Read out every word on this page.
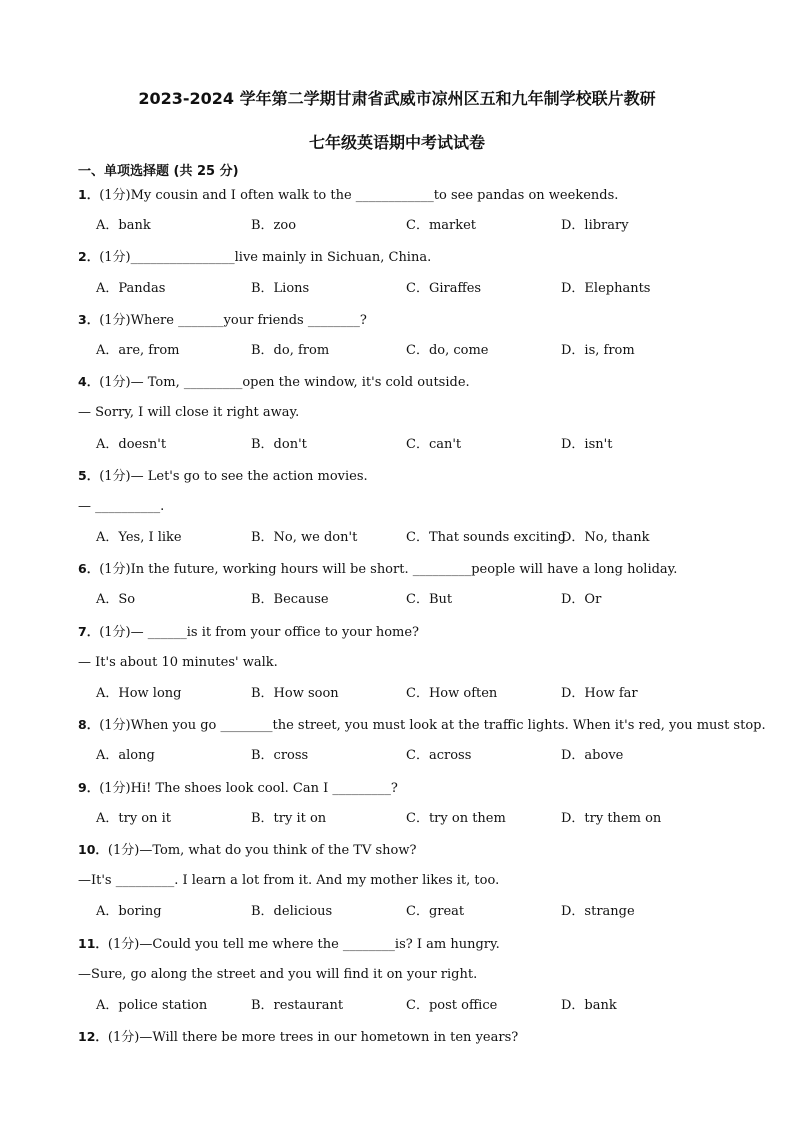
2023-2024 学年第二学期甘肃省武威市凉州区五和九年制学校联片教研
七年级英语期中考试试卷
一、单项选择题 (共 25 分)
1．(1分)My cousin and I often walk to the ____________to see pandas on weekends.
A．bank	B．zoo	C．market	D．library
2．(1分)________________live mainly in Sichuan, China.
A．Pandas	B．Lions	C．Giraffes	D．Elephants
3．(1分)Where _______your friends ________?
A．are, from	B．do, from	C．do, come	D．is, from
4．(1分)— Tom, _________open the window, it's cold outside.
— Sorry, I will close it right away.
A．doesn't	B．don't	C．can't	D．isn't
5．(1分)— Let's go to see the action movies.
— __________.
A．Yes, I like	B．No, we don't	C．That sounds exciting
D．No, thank
6．(1分)In the future, working hours will be short. _________people will have a long holiday.
A．So	B．Because	C．But	D．Or
7．(1分)— ______is it from your office to your home?
— It's about 10 minutes' walk.
A．How long	B．How soon	C．How often	D．How far
8．(1分)When you go ________the street, you must look at the traffic lights. When it's red, you must stop.
A．along	B．cross	C．across	D．above
9．(1分)Hi! The shoes look cool. Can I _________?
A．try on it	B．try it on	C．try on them	D．try them on
10．(1分)—Tom, what do you think of the TV show?
—It's _________. I learn a lot from it. And my mother likes it, too.
A．boring	B．delicious	C．great	D．strange
11．(1分)—Could you tell me where the ________is? I am hungry.
—Sure, go along the street and you will find it on your right.
A．police station	B．restaurant	C．post office	D．bank
12．(1分)—Will there be more trees in our hometown in ten years?
